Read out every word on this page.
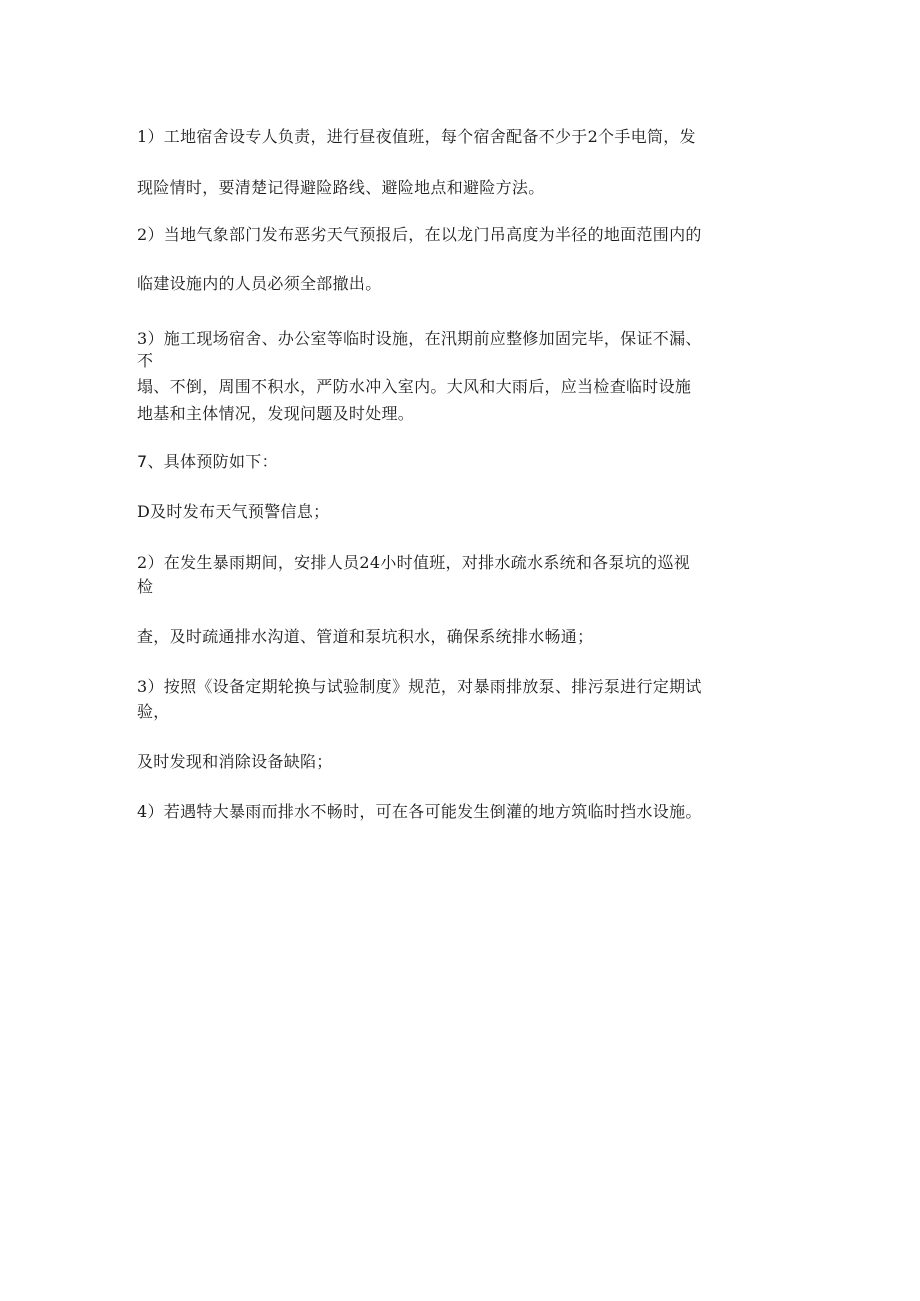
1）工地宿舍设专人负责，进行昼夜值班，每个宿舍配备不少于2个手电筒，发
现险情时，要清楚记得避险路线、避险地点和避险方法。
2）当地气象部门发布恶劣天气预报后，在以龙门吊高度为半径的地面范围内的
临建设施内的人员必须全部撤出。
3）施工现场宿舍、办公室等临时设施，在汛期前应整修加固完毕，保证不漏、
不
塌、不倒，周围不积水，严防水冲入室内。大风和大雨后，应当检查临时设施
地基和主体情况，发现问题及时处理。
7、具体预防如下：
D及时发布天气预警信息；
2）在发生暴雨期间，安排人员24小时值班，对排水疏水系统和各泵坑的巡视
检
查，及时疏通排水沟道、管道和泵坑积水，确保系统排水畅通；
3）按照《设备定期轮换与试验制度》规范，对暴雨排放泵、排污泵进行定期试
验，
及时发现和消除设备缺陷；
4）若遇特大暴雨而排水不畅时，可在各可能发生倒灌的地方筑临时挡水设施。
